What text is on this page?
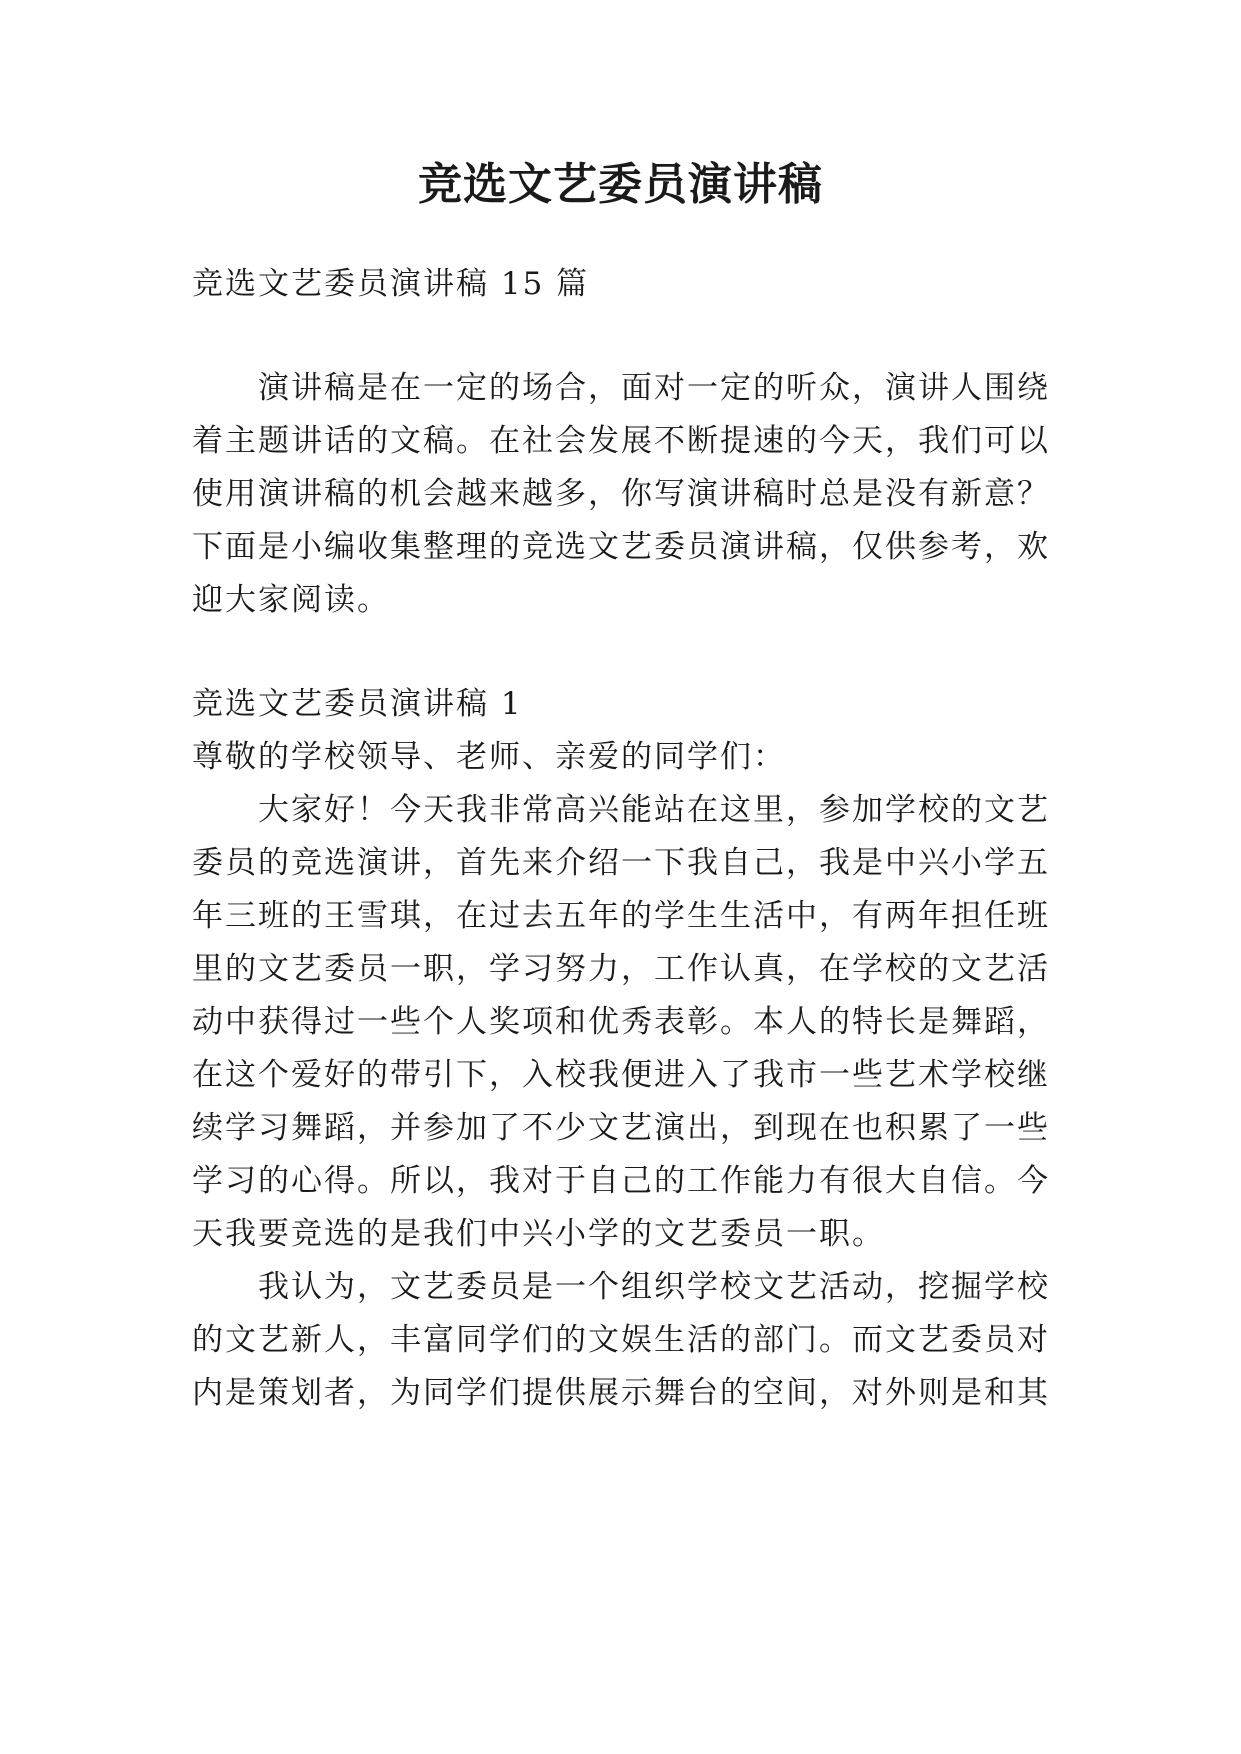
竞选文艺委员演讲稿

竞选文艺委员演讲稿 15 篇

　　演讲稿是在一定的场合，面对一定的听众，演讲人围绕

着主题讲话的文稿。在社会发展不断提速的今天，我们可以

使用演讲稿的机会越来越多，你写演讲稿时总是没有新意？

下面是小编收集整理的竞选文艺委员演讲稿，仅供参考，欢

迎大家阅读。

竞选文艺委员演讲稿 1

尊敬的学校领导、老师、亲爱的同学们：

　　大家好！今天我非常高兴能站在这里，参加学校的文艺

委员的竞选演讲，首先来介绍一下我自己，我是中兴小学五

年三班的王雪琪，在过去五年的学生生活中，有两年担任班

里的文艺委员一职，学习努力，工作认真，在学校的文艺活

动中获得过一些个人奖项和优秀表彰。本人的特长是舞蹈，

在这个爱好的带引下，入校我便进入了我市一些艺术学校继

续学习舞蹈，并参加了不少文艺演出，到现在也积累了一些

学习的心得。所以，我对于自己的工作能力有很大自信。今

天我要竞选的是我们中兴小学的文艺委员一职。

　　我认为，文艺委员是一个组织学校文艺活动，挖掘学校

的文艺新人，丰富同学们的文娱生活的部门。而文艺委员对

内是策划者，为同学们提供展示舞台的空间，对外则是和其
